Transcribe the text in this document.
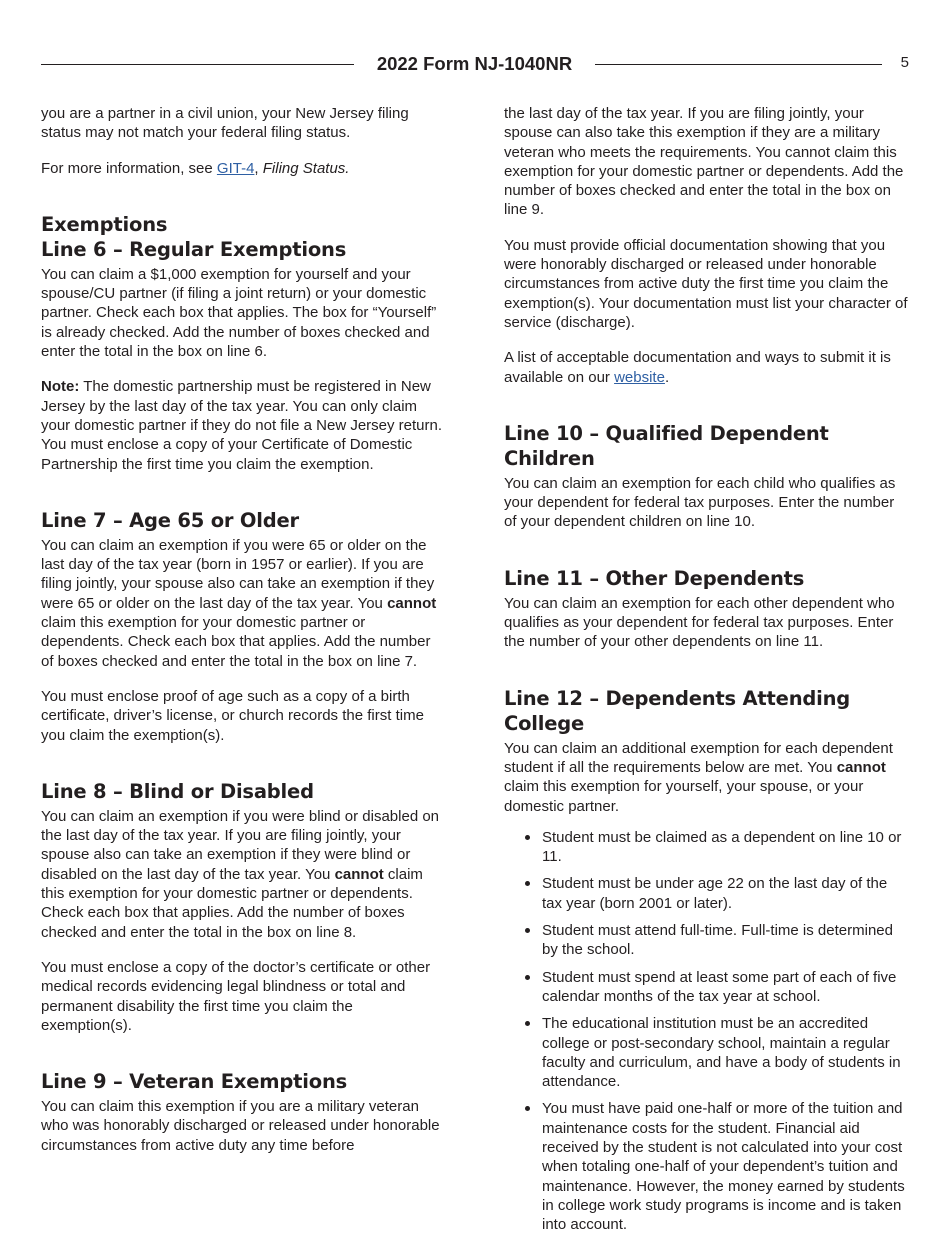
2022 Form NJ-1040NR	5

you are a partner in a civil union, your New Jersey filing status may not match your federal filing status.

For more information, see GIT-4, Filing Status.

Exemptions
Line 6 – Regular Exemptions

You can claim a $1,000 exemption for yourself and your spouse/CU partner (if filing a joint return) or your domestic partner. Check each box that applies. The box for “Yourself” is already checked. Add the number of boxes checked and enter the total in the box on line 6.

Note: The domestic partnership must be registered in New Jersey by the last day of the tax year. You can only claim your domestic partner if they do not file a New Jersey return. You must enclose a copy of your Certificate of Domestic Partnership the first time you claim the exemption.

Line 7 – Age 65 or Older

You can claim an exemption if you were 65 or older on the last day of the tax year (born in 1957 or earlier). If you are filing jointly, your spouse also can take an exemption if they were 65 or older on the last day of the tax year. You cannot claim this exemption for your domestic partner or dependents. Check each box that applies. Add the number of boxes checked and enter the total in the box on line 7.

You must enclose proof of age such as a copy of a birth certificate, driver’s license, or church records the first time you claim the exemption(s).

Line 8 – Blind or Disabled

You can claim an exemption if you were blind or disabled on the last day of the tax year. If you are filing jointly, your spouse also can take an exemption if they were blind or disabled on the last day of the tax year. You cannot claim this exemption for your domestic partner or dependents. Check each box that applies. Add the number of boxes checked and enter the total in the box on line 8.

You must enclose a copy of the doctor’s certificate or other medical records evidencing legal blindness or total and permanent disability the first time you claim the exemption(s).

Line 9 – Veteran Exemptions

You can claim this exemption if you are a military veteran who was honorably discharged or released under honorable circumstances from active duty any time before

the last day of the tax year. If you are filing jointly, your spouse can also take this exemption if they are a military veteran who meets the requirements. You cannot claim this exemption for your domestic partner or dependents. Add the number of boxes checked and enter the total in the box on line 9.

You must provide official documentation showing that you were honorably discharged or released under honorable circumstances from active duty the first time you claim the exemption(s). Your documentation must list your character of service (discharge).

A list of acceptable documentation and ways to submit it is available on our website.

Line 10 – Qualified Dependent Children

You can claim an exemption for each child who qualifies as your dependent for federal tax purposes. Enter the number of your dependent children on line 10.

Line 11 – Other Dependents

You can claim an exemption for each other dependent who qualifies as your dependent for federal tax purposes. Enter the number of your other dependents on line 11.

Line 12 – Dependents Attending College

You can claim an additional exemption for each dependent student if all the requirements below are met. You cannot claim this exemption for yourself, your spouse, or your domestic partner.

Student must be claimed as a dependent on line 10 or 11.
Student must be under age 22 on the last day of the tax year (born 2001 or later).
Student must attend full-time. Full-time is determined by the school.
Student must spend at least some part of each of five calendar months of the tax year at school.
The educational institution must be an accredited college or post-secondary school, maintain a regular faculty and curriculum, and have a body of students in attendance.
You must have paid one-half or more of the tuition and maintenance costs for the student. Financial aid received by the student is not calculated into your cost when totaling one-half of your dependent’s tuition and maintenance. However, the money earned by students in college work study programs is income and is taken into account.
